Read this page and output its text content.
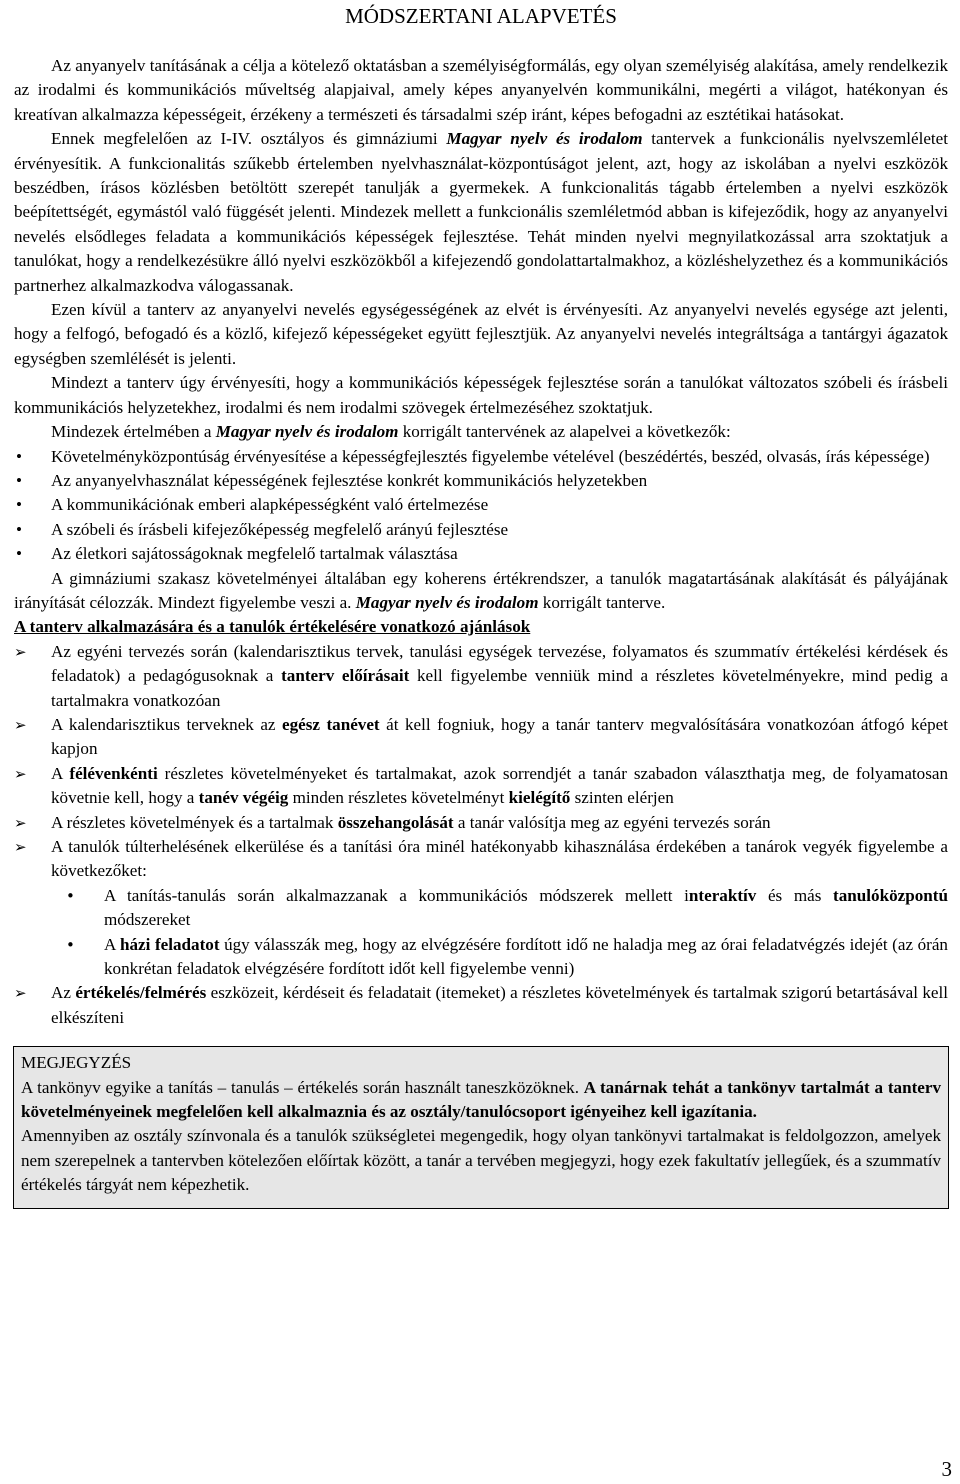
MÓDSZERTANI ALAPVETÉS

Az anyanyelv tanításának a célja a kötelező oktatásban a személyiségformálás, egy olyan személyiség alakítása, amely rendelkezik az irodalmi és kommunikációs műveltség alapjaival, amely képes anyanyelvén kommunikálni, megérti a világot, hatékonyan és kreatívan alkalmazza képességeit, érzékeny a természeti és társadalmi szép iránt, képes befogadni az esztétikai hatásokat.

Ennek megfelelően az I-IV. osztályos és gimnáziumi Magyar nyelv és irodalom tantervek a funkcionális nyelvszemléletet érvényesítik. A funkcionalitás szűkebb értelemben nyelvhasználat-központúságot jelent, azt, hogy az iskolában a nyelvi eszközök beszédben, írásos közlésben betöltött szerepét tanulják a gyermekek. A funkcionalitás tágabb értelemben a nyelvi eszközök beépítettségét, egymástól való függését jelenti. Mindezek mellett a funkcionális szemléletmód abban is kifejeződik, hogy az anyanyelvi nevelés elsődleges feladata a kommunikációs képességek fejlesztése. Tehát minden nyelvi megnyilatkozással arra szoktatjuk a tanulókat, hogy a rendelkezésükre álló nyelvi eszközökből a kifejezendő gondolattartalmakhoz, a közléshelyzethez és a kommunikációs partnerhez alkalmazkodva válogassanak.

Ezen kívül a tanterv az anyanyelvi nevelés egységességének az elvét is érvényesíti. Az anyanyelvi nevelés egysége azt jelenti, hogy a felfogó, befogadó és a közlő, kifejező képességeket együtt fejlesztjük. Az anyanyelvi nevelés integráltsága a tantárgyi ágazatok egységben szemlélését is jelenti.

Mindezt a tanterv úgy érvényesíti, hogy a kommunikációs képességek fejlesztése során a tanulókat változatos szóbeli és írásbeli kommunikációs helyzetekhez, irodalmi és nem irodalmi szövegek értelmezéséhez szoktatjuk.

Mindezek értelmében a Magyar nyelv és irodalom korrigált tantervének az alapelvei a következők:

• Követelményközpontúság érvényesítése a képességfejlesztés figyelembe vételével (beszédértés, beszéd, olvasás, írás képessége)
• Az anyanyelvhasználat képességének fejlesztése konkrét kommunikációs helyzetekben
• A kommunikációnak emberi alapképességként való értelmezése
• A szóbeli és írásbeli kifejezőképesség megfelelő arányú fejlesztése
• Az életkori sajátosságoknak megfelelő tartalmak választása

A gimnáziumi szakasz követelményei általában egy koherens értékrendszer, a tanulók magatartásának alakítását és pályájának irányítását célozzák. Mindezt figyelembe veszi a. Magyar nyelv és irodalom korrigált tanterve.

A tanterv alkalmazására és a tanulók értékelésére vonatkozó ajánlások

➢ Az egyéni tervezés során (kalendarisztikus tervek, tanulási egységek tervezése, folyamatos és szummatív értékelési kérdések és feladatok) a pedagógusoknak a tanterv előírásait kell figyelembe venniük mind a részletes követelményekre, mind pedig a tartalmakra vonatkozóan
➢ A kalendarisztikus terveknek az egész tanévet át kell fogniuk, hogy a tanár tanterv megvalósítására vonatkozóan átfogó képet kapjon
➢ A félévenkénti részletes követelményeket és tartalmakat, azok sorrendjét a tanár szabadon választhatja meg, de folyamatosan követnie kell, hogy a tanév végéig minden részletes követelményt kielégítő szinten elérjen
➢ A részletes követelmények és a tartalmak összehangolását a tanár valósítja meg az egyéni tervezés során
➢ A tanulók túlterhelésének elkerülése és a tanítási óra minél hatékonyabb kihasználása érdekében a tanárok vegyék figyelembe a következőket:
• A tanítás-tanulás során alkalmazzanak a kommunikációs módszerek mellett interaktív és más tanulóközpontú módszereket
• A házi feladatot úgy válasszák meg, hogy az elvégzésére fordított idő ne haladja meg az órai feladatvégzés idejét (az órán konkrétan feladatok elvégzésére fordított időt kell figyelembe venni)
➢ Az értékelés/felmérés eszközeit, kérdéseit és feladatait (itemeket) a részletes követelmények és tartalmak szigorú betartásával kell elkészíteni

MEGJEGYZÉS

A tankönyv egyike a tanítás – tanulás – értékelés során használt taneszközöknek. A tanárnak tehát a tankönyv tartalmát a tanterv követelményeinek megfelelően kell alkalmaznia és az osztály/tanulócsoport igényeihez kell igazítania.

Amennyiben az osztály színvonala és a tanulók szükségletei megengedik, hogy olyan tankönyvi tartalmakat is feldolgozzon, amelyek nem szerepelnek a tantervben kötelezően előírtak között, a tanár a tervében megjegyzi, hogy ezek fakultatív jellegűek, és a szummatív értékelés tárgyát nem képezhetik.

3
